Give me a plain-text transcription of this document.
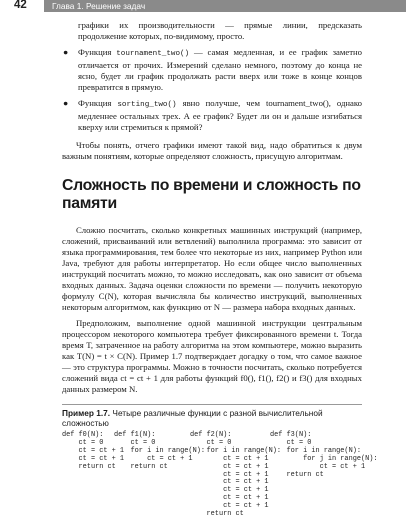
42	Глава 1. Решение задач
графики их производительности — прямые линии, предсказать продолжение которых, по-видимому, просто.
● Функция tournament_two() — самая медленная, и ее график заметно отличается от прочих. Измерений сделано немного, поэтому до конца не ясно, будет ли график продолжать расти вверх или тоже в конце концов превратится в прямую.
● Функция sorting_two() явно получше, чем tournament_two(), однако медленнее остальных трех. А ее график? Будет ли он и дальше изгибаться кверху или стремиться к прямой?

Чтобы понять, отчего графики имеют такой вид, надо обратиться к двум важным понятиям, которые определяют сложность, присущую алгоритмам.

Сложность по времени и сложность по памяти

Сложно посчитать, сколько конкретных машинных инструкций (например, сложений, присваиваний или ветвлений) выполнила программа: это зависит от языка программирования, тем более что некоторые из них, например Python или Java, требуют для работы интерпретатор. Но если общее число выполненных инструкций посчитать можно, то можно исследовать, как оно зависит от объема входных данных. Задача оценки сложности по времени — получить некоторую формулу C(N), которая вычисляла бы количество инструкций, выполненных некоторым алгоритмом, как функцию от N — размера набора входных данных.

Предположим, выполнение одной машинной инструкции центральным процессором некоторого компьютера требует фиксированного времени t. Тогда время T, затраченное на работу алгоритма на этом компьютере, можно выразить как T(N) = t × C(N). Пример 1.7 подтверждает догадку о том, что самое важное — это структура программы. Можно в точности посчитать, сколько потребуется сложений вида ct = ct + 1 для работы функций f0(), f1(), f2() и f3() для входных данных размером N.

Пример 1.7. Четыре различные функции с разной вычислительной сложностью
def f0(N):
ct = 0
ct = ct + 1
ct = ct + 1
return ct
def f1(N):
ct = 0
for i in range(N):
ct = ct + 1
return ct
def f2(N):
ct = 0
for i in range(N):
ct = ct + 1
ct = ct + 1
ct = ct + 1
ct = ct + 1
ct = ct + 1
ct = ct + 1
ct = ct + 1
return ct
def f3(N):
ct = 0
for i in range(N):
for j in range(N):
ct = ct + 1
return ct
